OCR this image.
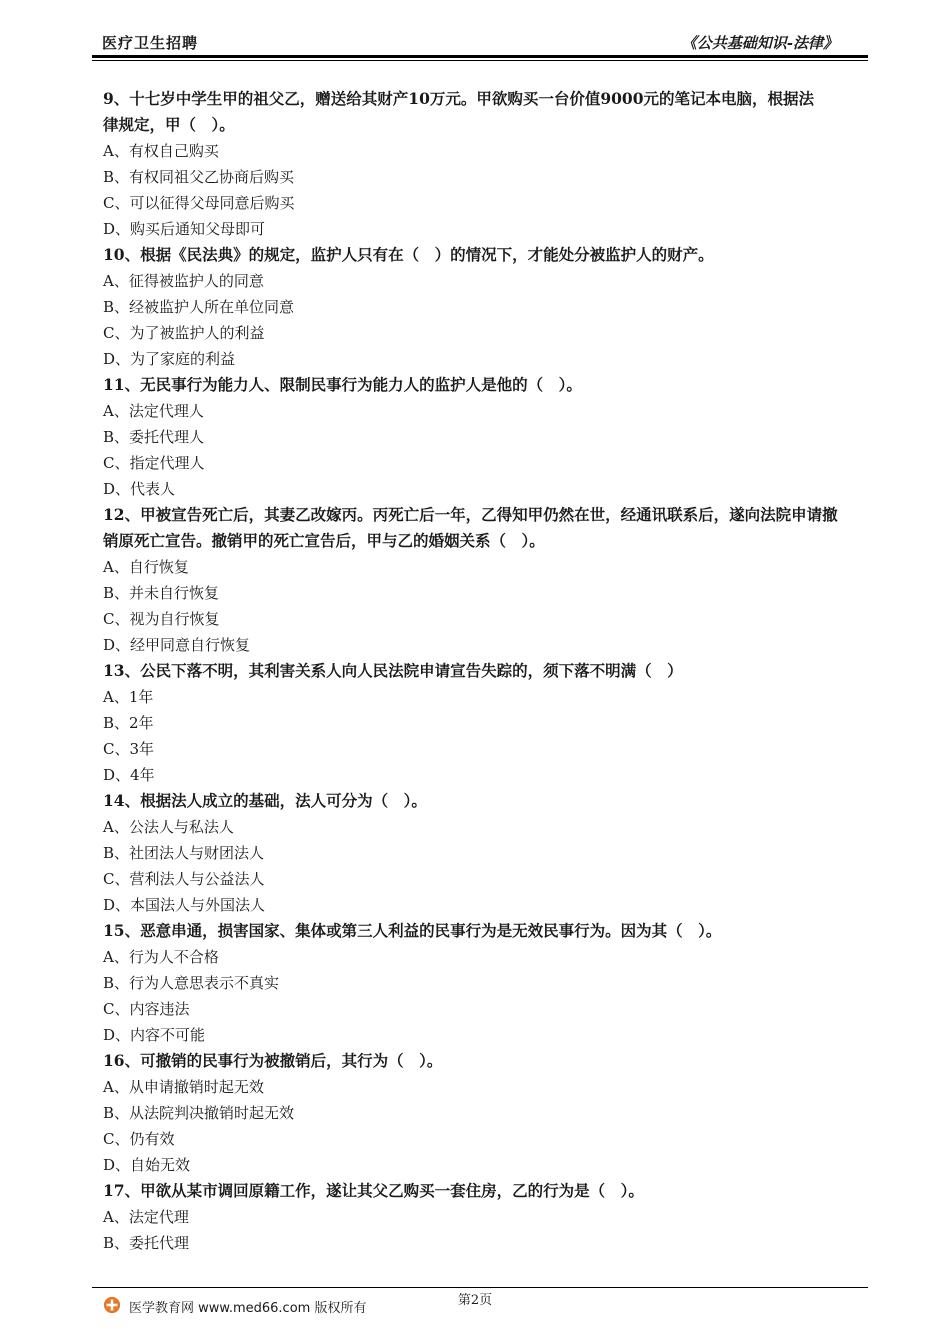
医疗卫生招聘	《公共基础知识-法律》

9、十七岁中学生甲的祖父乙，赠送给其财产10万元。甲欲购买一台价值9000元的笔记本电脑，根据法

律规定，甲（　）。

A、有权自己购买

B、有权同祖父乙协商后购买

C、可以征得父母同意后购买

D、购买后通知父母即可

10、根据《民法典》的规定，监护人只有在（　）的情况下，才能处分被监护人的财产。

A、征得被监护人的同意

B、经被监护人所在单位同意

C、为了被监护人的利益

D、为了家庭的利益

11、无民事行为能力人、限制民事行为能力人的监护人是他的（　）。

A、法定代理人

B、委托代理人

C、指定代理人

D、代表人

12、甲被宣告死亡后，其妻乙改嫁丙。丙死亡后一年，乙得知甲仍然在世，经通讯联系后，遂向法院申请撤

销原死亡宣告。撤销甲的死亡宣告后，甲与乙的婚姻关系（　）。

A、自行恢复

B、并未自行恢复

C、视为自行恢复

D、经甲同意自行恢复

13、公民下落不明，其利害关系人向人民法院申请宣告失踪的，须下落不明满（　）

A、1年

B、2年

C、3年

D、4年

14、根据法人成立的基础，法人可分为（　）。

A、公法人与私法人

B、社团法人与财团法人

C、营利法人与公益法人

D、本国法人与外国法人

15、恶意串通，损害国家、集体或第三人利益的民事行为是无效民事行为。因为其（　）。

A、行为人不合格

B、行为人意思表示不真实

C、内容违法

D、内容不可能

16、可撤销的民事行为被撤销后，其行为（　）。

A、从申请撤销时起无效

B、从法院判决撤销时起无效

C、仍有效

D、自始无效

17、甲欲从某市调回原籍工作，遂让其父乙购买一套住房，乙的行为是（　）。

A、法定代理

B、委托代理

第2页
医学教育网 www.med66.com 版权所有
